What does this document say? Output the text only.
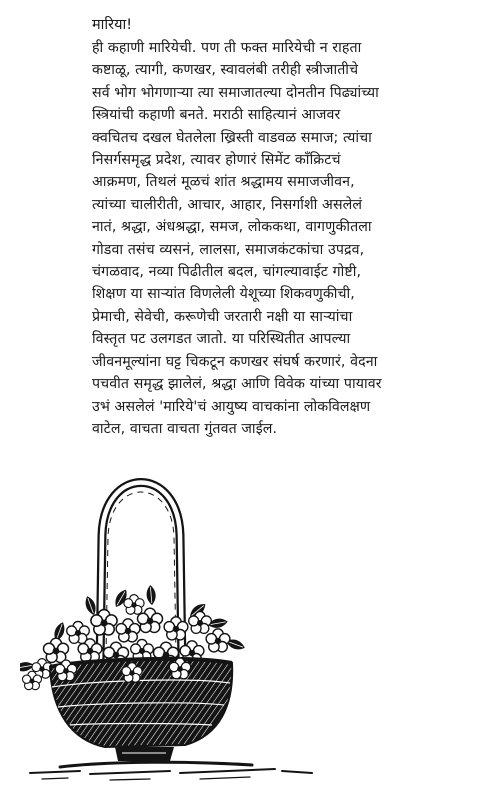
मारिया!
ही कहाणी मारियेची. पण ती फक्त मारियेची न राहता
कष्टाळू, त्यागी, कणखर, स्वावलंबी तरीही स्त्रीजातीचे
सर्व भोग भोगणाऱ्या त्या समाजातल्या दोनतीन पिढ्यांच्या
स्त्रियांची कहाणी बनते. मराठी साहित्यानं आजवर
क्वचितच दखल घेतलेला ख्रिस्ती वाडवळ समाज; त्यांचा
निसर्गसमृद्ध प्रदेश, त्यावर होणारं सिमेंट काँक्रिटचं
आक्रमण, तिथलं मूळचं शांत श्रद्धामय समाजजीवन,
त्यांच्या चालीरीती, आचार, आहार, निसर्गाशी असलेलं
नातं, श्रद्धा, अंधश्रद्धा, समज, लोककथा, वागणुकीतला
गोडवा तसंच व्यसनं, लालसा, समाजकंटकांचा उपद्रव,
चंगळवाद, नव्या पिढीतील बदल, चांगल्यावाईट गोष्टी,
शिक्षण या साऱ्यांत विणलेली येशूच्या शिकवणुकीची,
प्रेमाची, सेवेची, करूणेची जरतारी नक्षी या साऱ्यांचा
विस्तृत पट उलगडत जातो. या परिस्थितीत आपल्या
जीवनमूल्यांना घट्ट चिकटून कणखर संघर्ष करणारं, वेदना
पचवीत समृद्ध झालेलं, श्रद्धा आणि विवेक यांच्या पायावर
उभं असलेलं 'मारिये'चं आयुष्य वाचकांना लोकविलक्षण
वाटेल, वाचता वाचता गुंतवत जाईल.
